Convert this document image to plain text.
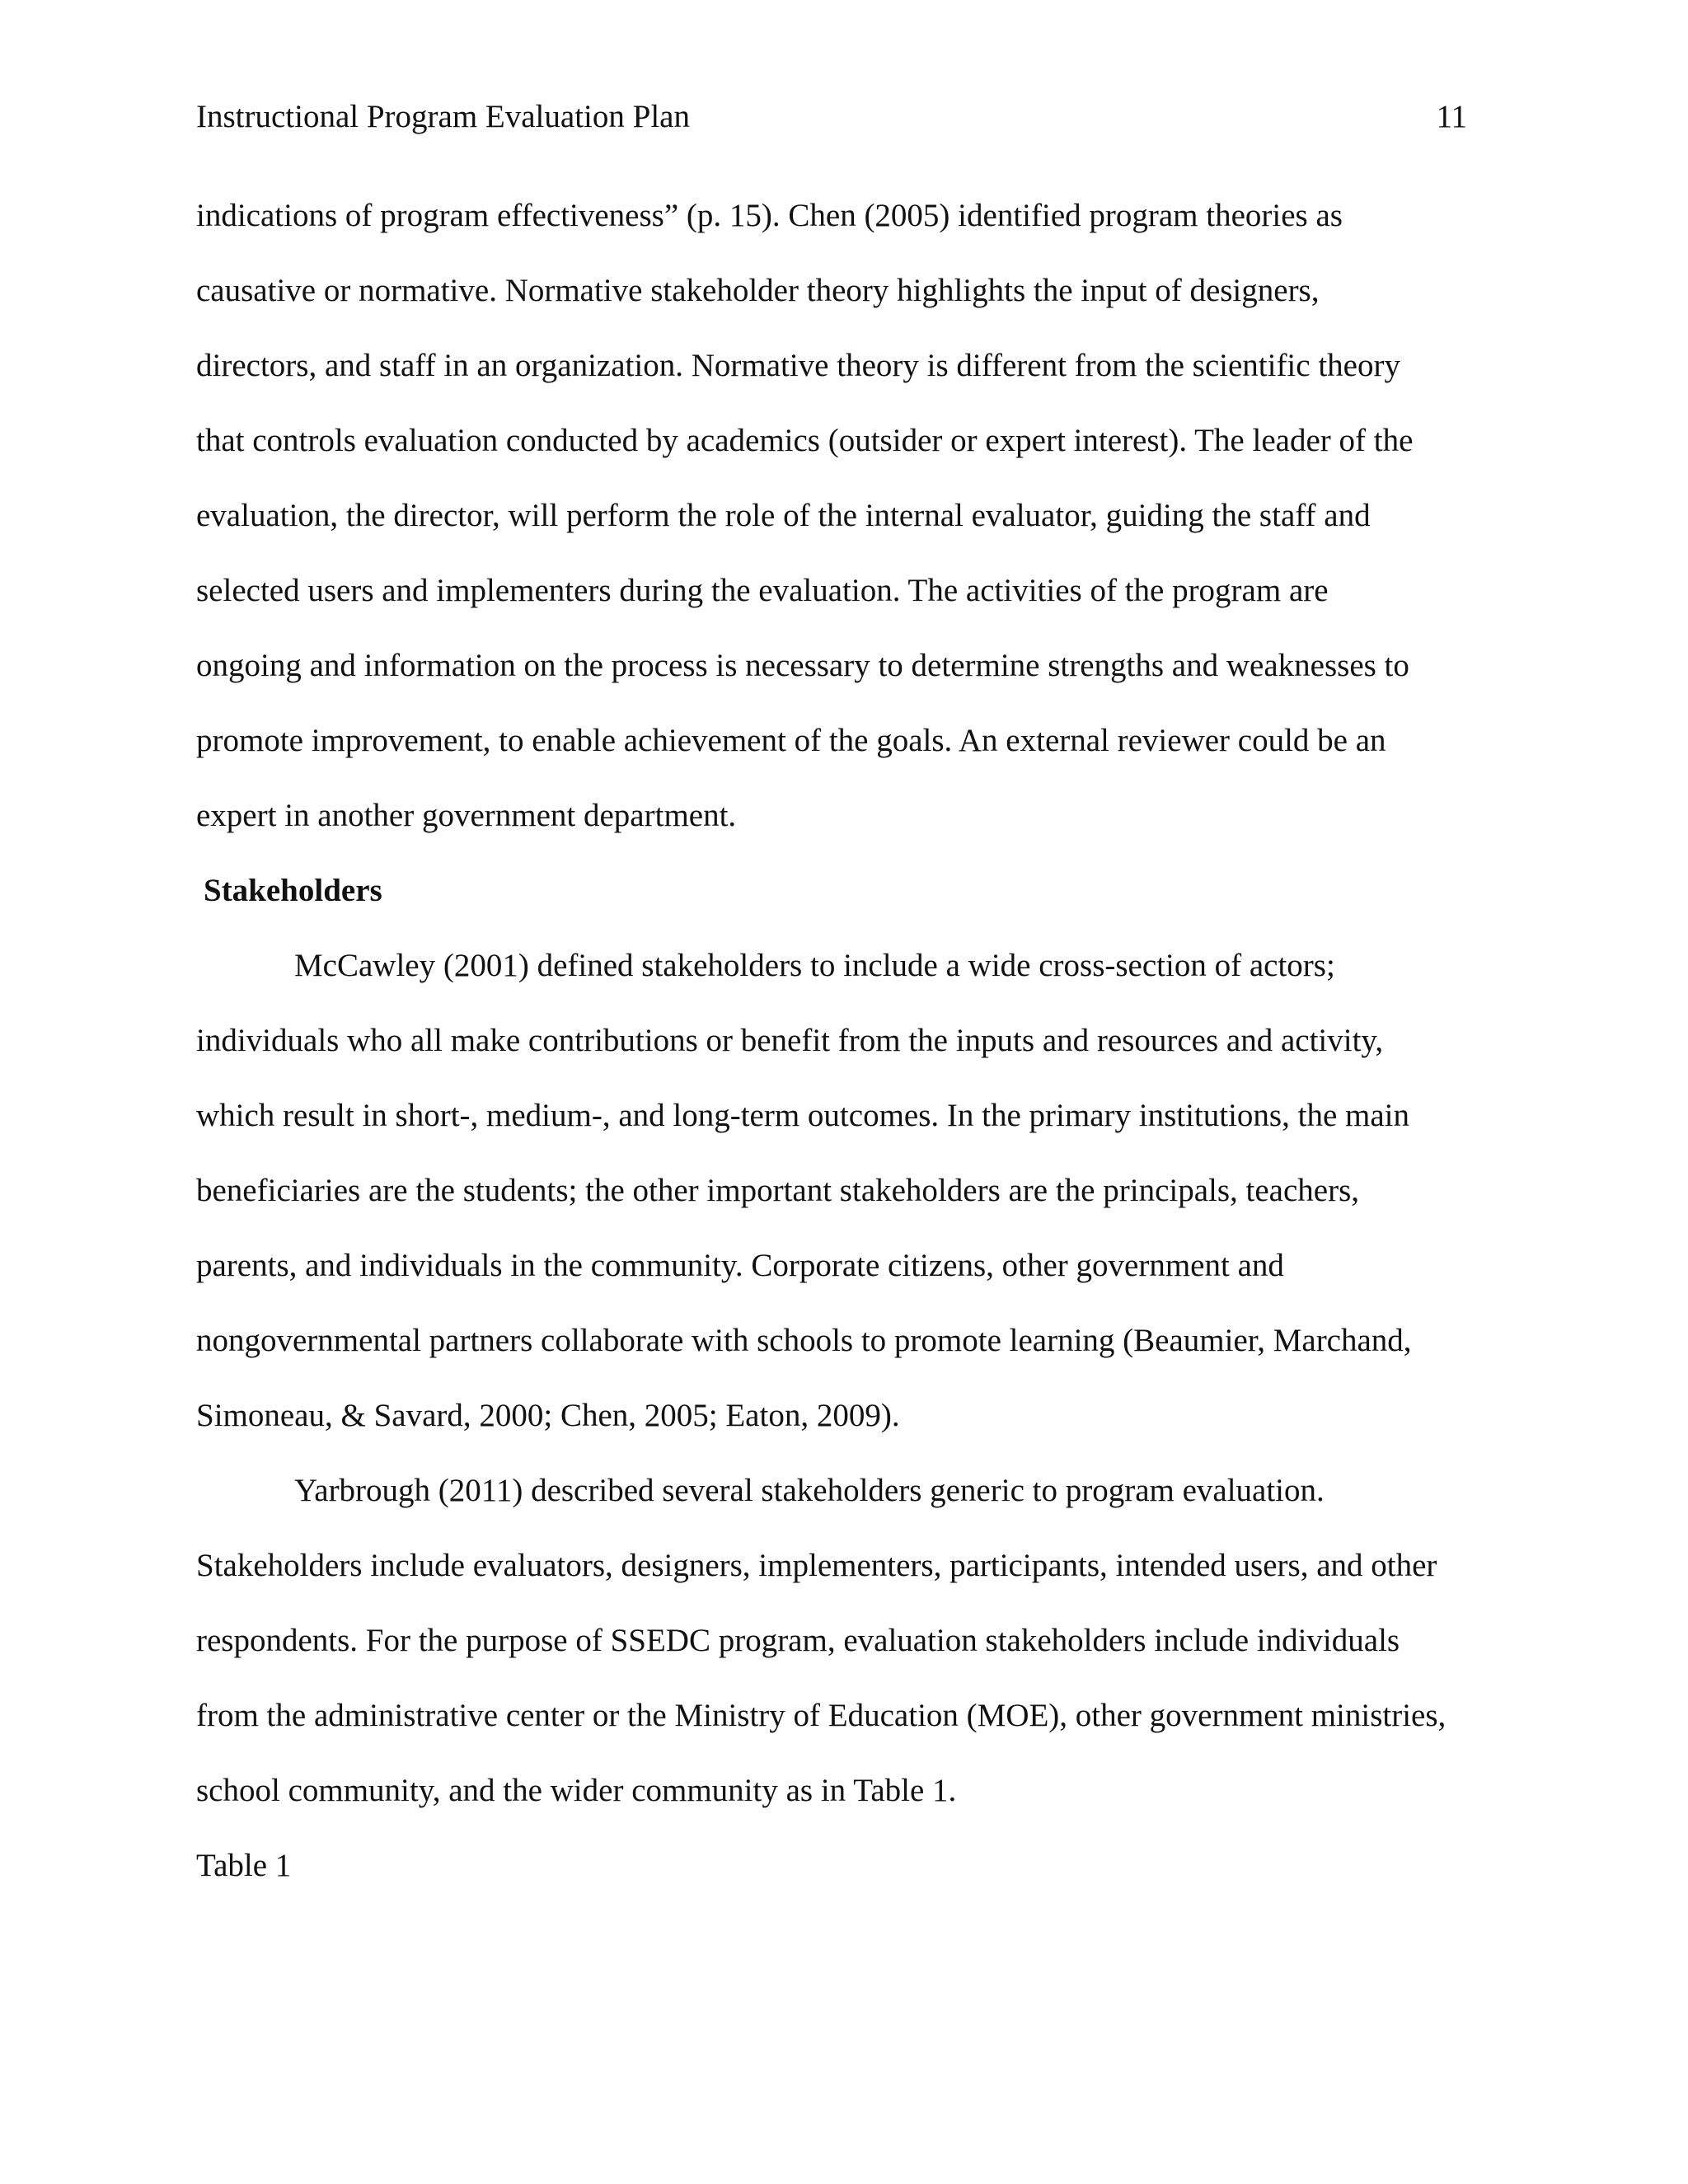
Instructional Program Evaluation Plan	11
indications of program effectiveness” (p. 15). Chen (2005) identified program theories as
causative or normative. Normative stakeholder theory highlights the input of designers,
directors, and staff in an organization. Normative theory is different from the scientific theory
that controls evaluation conducted by academics (outsider or expert interest). The leader of the
evaluation, the director, will perform the role of the internal evaluator, guiding the staff and
selected users and implementers during the evaluation. The activities of the program are
ongoing and information on the process is necessary to determine strengths and weaknesses to
promote improvement, to enable achievement of the goals. An external reviewer could be an
expert in another government department.
Stakeholders
McCawley (2001) defined stakeholders to include a wide cross-section of actors;
individuals who all make contributions or benefit from the inputs and resources and activity,
which result in short-, medium-, and long-term outcomes. In the primary institutions, the main
beneficiaries are the students; the other important stakeholders are the principals, teachers,
parents, and individuals in the community. Corporate citizens, other government and
nongovernmental partners collaborate with schools to promote learning (Beaumier, Marchand,
Simoneau, & Savard, 2000; Chen, 2005; Eaton, 2009).
Yarbrough (2011) described several stakeholders generic to program evaluation.
Stakeholders include evaluators, designers, implementers, participants, intended users, and other
respondents. For the purpose of SSEDC program, evaluation stakeholders include individuals
from the administrative center or the Ministry of Education (MOE), other government ministries,
school community, and the wider community as in Table 1.
Table 1
